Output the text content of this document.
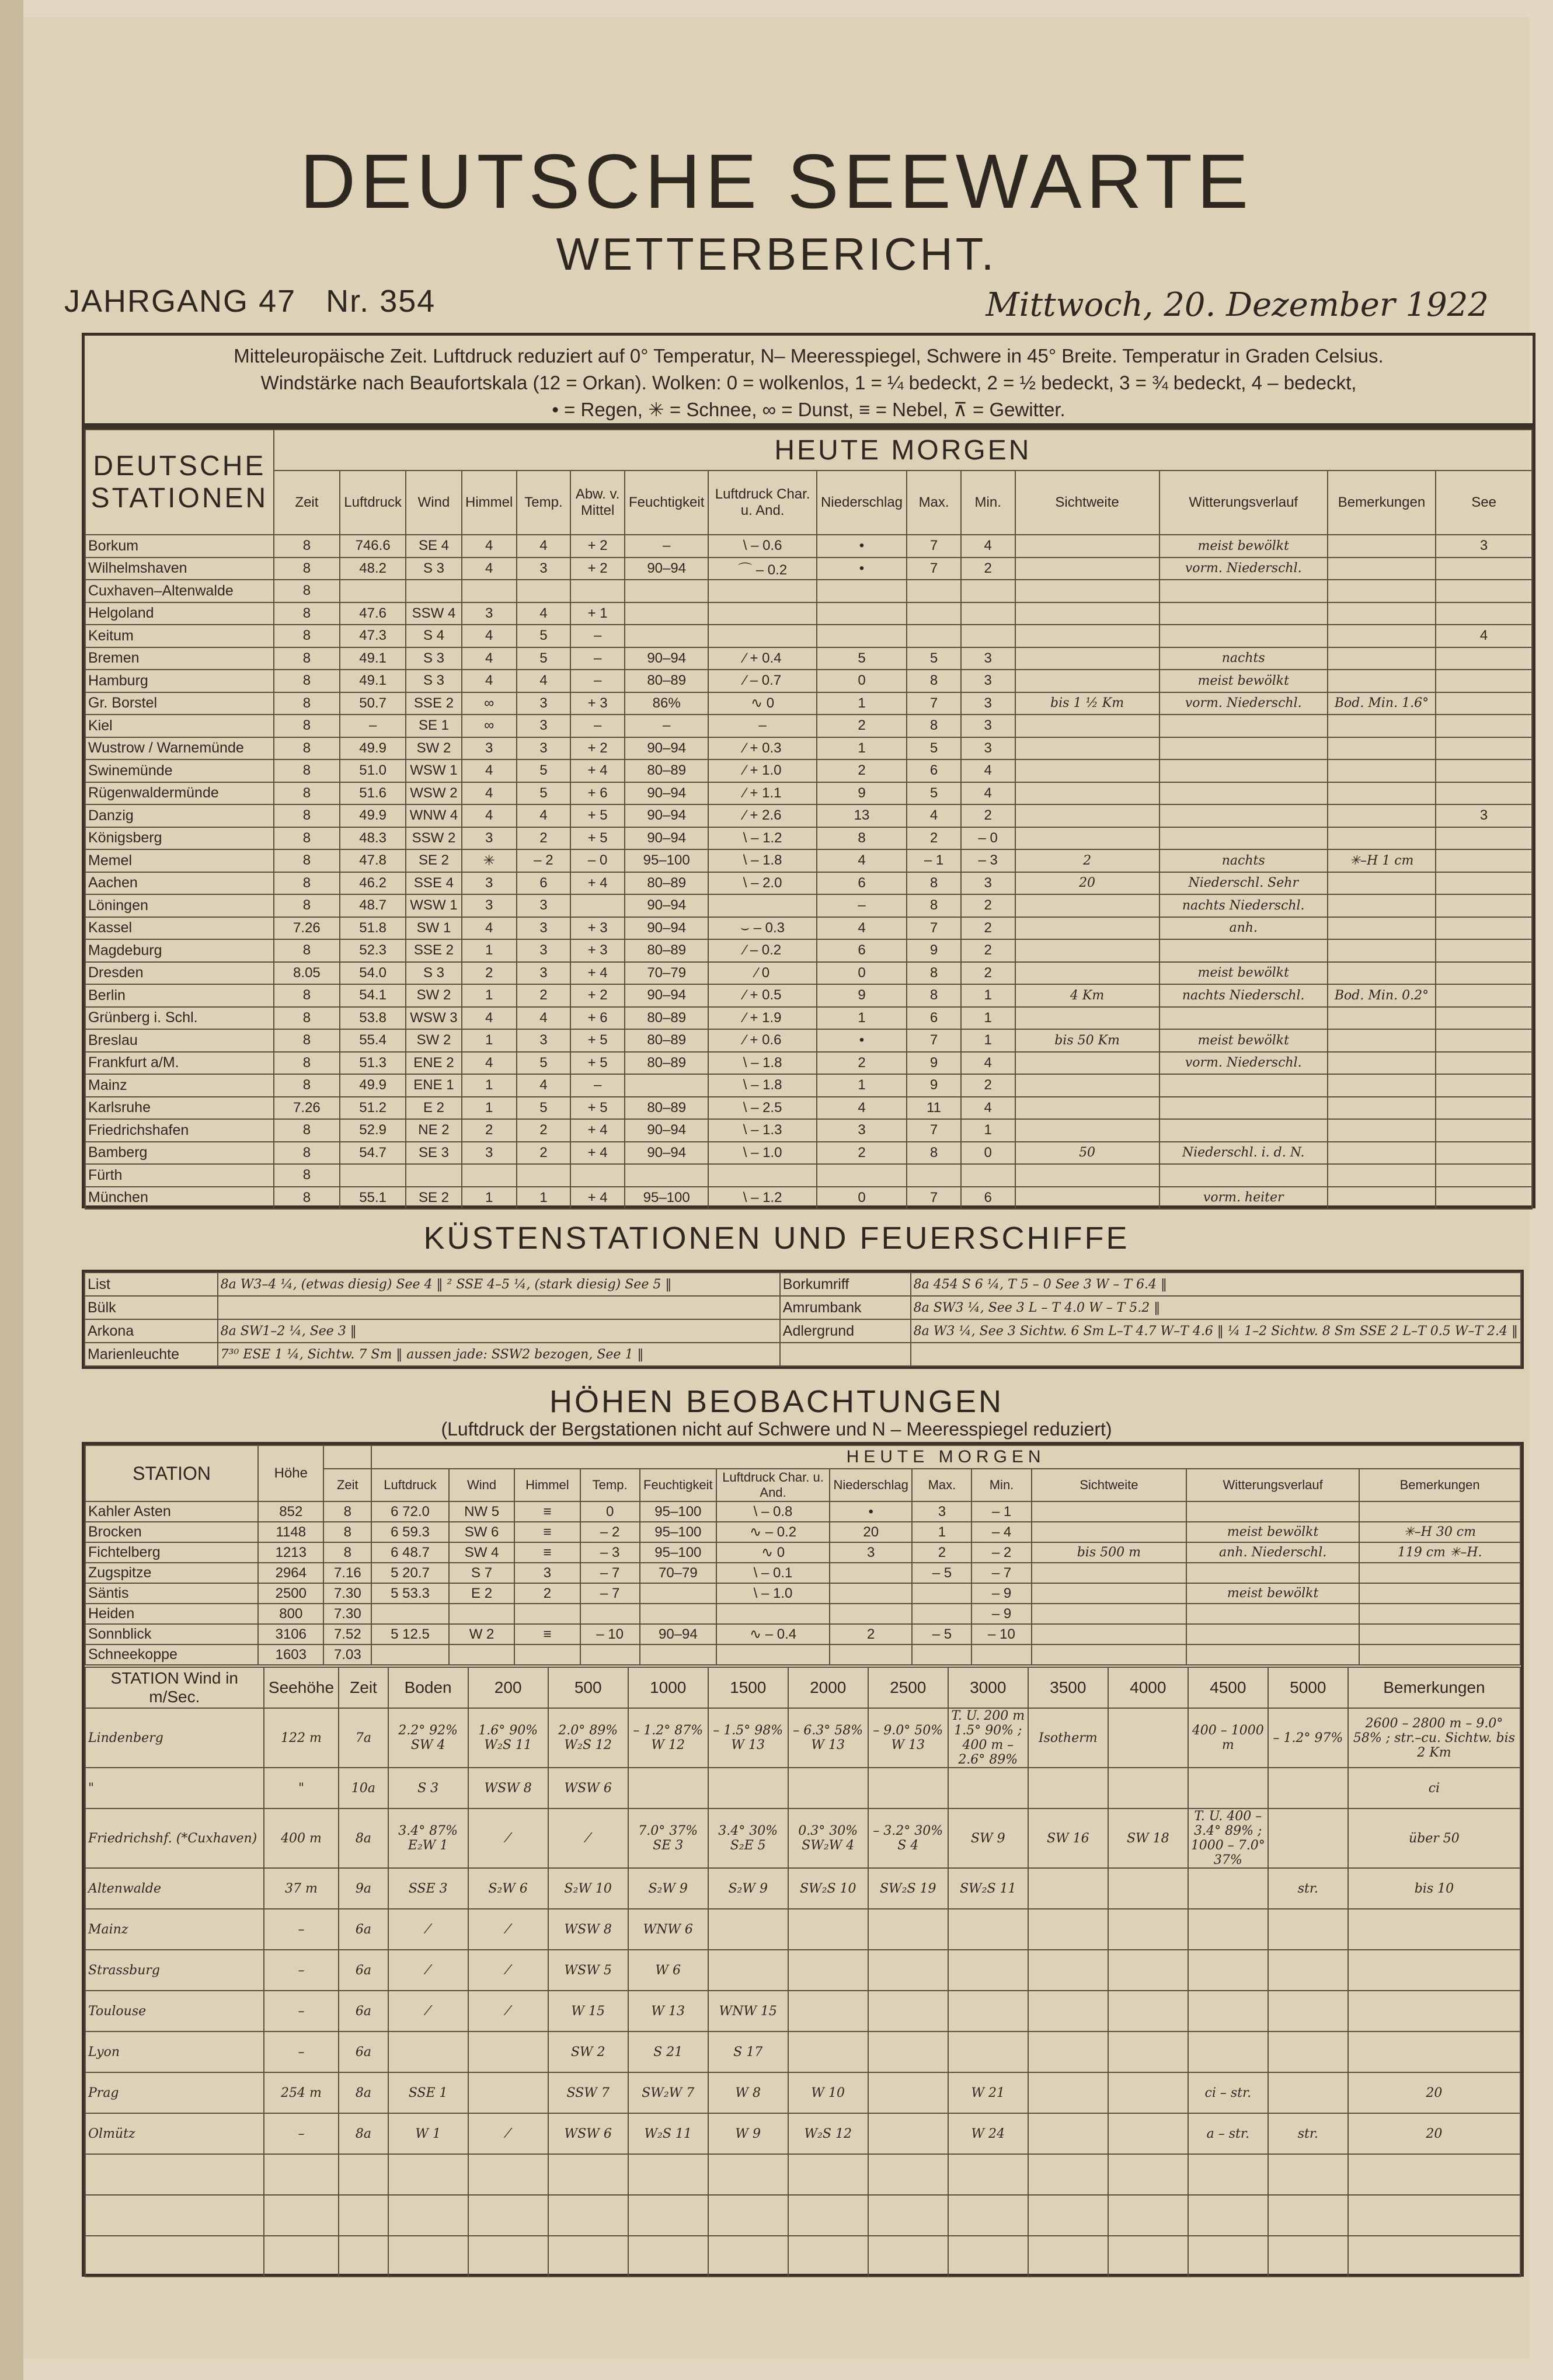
DEUTSCHE SEEWARTE
WETTERBERICHT.
JAHRGANG 47 Nr. 354	Mittwoch, 20. Dezember 1922
Mitteleuropäische Zeit. Luftdruck reduziert auf 0° Temperatur, N– Meeresspiegel, Schwere in 45° Breite. Temperatur in Graden Celsius.
Windstärke nach Beaufortskala (12 = Orkan). Wolken: 0 = wolkenlos, 1 = ¼ bedeckt, 2 = ½ bedeckt, 3 = ¾ bedeckt, 4 – bedeckt,
• = Regen, ✳ = Schnee, ∞ = Dunst, ≡ = Nebel, ⊼ = Gewitter.
DEUTSCHE STATIONEN	HEUTE MORGEN														
	Zeit	Luftdruck	Wind	Himmel	Temp.	Abw. v. Mittel	Feuchtigkeit	Luftdruck Char. u. And.	Niederschlag	Max.	Min.	Sichtweite	Witterungsverlauf	Bemerkungen	See
Borkum	8	746.6	SE 4	4	4	+ 2	–	\ – 0.6	•	7	4		meist bewölkt		3
Wilhelmshaven	8	48.2	S 3	4	3	+ 2	90–94	⌒ – 0.2	•	7	2		vorm. Niederschl.		
Cuxhaven–Altenwalde	8														
Helgoland	8	47.6	SSW 4	3	4	+ 1									
Keitum	8	47.3	S 4	4	5	–									4
Bremen	8	49.1	S 3	4	5	–	90–94	⁄ + 0.4	5	5	3		nachts		
Hamburg	8	49.1	S 3	4	4	–	80–89	⁄ – 0.7	0	8	3		meist bewölkt		
Gr. Borstel	8	50.7	SSE 2	∞	3	+ 3	86%	∿ 0	1	7	3	bis 1 ½ Km	vorm. Niederschl.	Bod. Min. 1.6°	
Kiel	8	–	SE 1	∞	3	–	–	–	2	8	3				
Wustrow / Warnemünde	8	49.9	SW 2	3	3	+ 2	90–94	⁄ + 0.3	1	5	3				
Swinemünde	8	51.0	WSW 1	4	5	+ 4	80–89	⁄ + 1.0	2	6	4				
Rügenwaldermünde	8	51.6	WSW 2	4	5	+ 6	90–94	⁄ + 1.1	9	5	4				
Danzig	8	49.9	WNW 4	4	4	+ 5	90–94	⁄ + 2.6	13	4	2				3
Königsberg	8	48.3	SSW 2	3	2	+ 5	90–94	\ – 1.2	8	2	– 0				
Memel	8	47.8	SE 2	✳	– 2	– 0	95–100	\ – 1.8	4	– 1	– 3	2	nachts	✳–H 1 cm	
Aachen	8	46.2	SSE 4	3	6	+ 4	80–89	\ – 2.0	6	8	3	20	Niederschl. Sehr		
Löningen	8	48.7	WSW 1	3	3		90–94		–	8	2		nachts Niederschl.		
Kassel	7.26	51.8	SW 1	4	3	+ 3	90–94	⌣ – 0.3	4	7	2		anh.		
Magdeburg	8	52.3	SSE 2	1	3	+ 3	80–89	⁄ – 0.2	6	9	2				
Dresden	8.05	54.0	S 3	2	3	+ 4	70–79	⁄ 0	0	8	2		meist bewölkt		
Berlin	8	54.1	SW 2	1	2	+ 2	90–94	⁄ + 0.5	9	8	1	4 Km	nachts Niederschl.	Bod. Min. 0.2°	
Grünberg i. Schl.	8	53.8	WSW 3	4	4	+ 6	80–89	⁄ + 1.9	1	6	1				
Breslau	8	55.4	SW 2	1	3	+ 5	80–89	⁄ + 0.6	•	7	1	bis 50 Km	meist bewölkt		
Frankfurt a/M.	8	51.3	ENE 2	4	5	+ 5	80–89	\ – 1.8	2	9	4		vorm. Niederschl.		
Mainz	8	49.9	ENE 1	1	4	–		\ – 1.8	1	9	2				
Karlsruhe	7.26	51.2	E 2	1	5	+ 5	80–89	\ – 2.5	4	11	4				
Friedrichshafen	8	52.9	NE 2	2	2	+ 4	90–94	\ – 1.3	3	7	1				
Bamberg	8	54.7	SE 3	3	2	+ 4	90–94	\ – 1.0	2	8	0	50	Niederschl. i. d. N.		
Fürth	8														
München	8	55.1	SE 2	1	1	+ 4	95–100	\ – 1.2	0	7	6		vorm. heiter		
KÜSTENSTATIONEN UND FEUERSCHIFFE
List	8a W3–4 ¼, (etwas diesig) See 4 ‖ ² SSE 4–5 ¼, (stark diesig) See 5 ‖	Borkumriff	8a 454 S 6 ¼, T 5 – 0 See 3 W – T 6.4 ‖
Bülk		Amrumbank	8a SW3 ¼, See 3 L – T 4.0 W – T 5.2 ‖
Arkona	8a SW1–2 ¼, See 3 ‖	Adlergrund	8a W3 ¼, See 3 Sichtw. 6 Sm L–T 4.7 W–T 4.6 ‖ ¼ 1–2 Sichtw. 8 Sm SSE 2 L–T 0.5 W–T 2.4 ‖
Marienleuchte	7³⁰ ESE 1 ¼, Sichtw. 7 Sm ‖ aussen jade: SSW2 bezogen, See 1 ‖		
HÖHEN BEOBACHTUNGEN
(Luftdruck der Bergstationen nicht auf Schwere und N – Meeresspiegel reduziert)
STATION	Höhe		HEUTE MORGEN											
		Zeit	Luftdruck	Wind	Himmel	Temp.	Feuchtigkeit	Luftdruck Char. u. And.	Niederschlag	Max.	Min.	Sichtweite	Witterungsverlauf	Bemerkungen
Kahler Asten	852	8	6 72.0	NW 5	≡	0	95–100	\ – 0.8	•	3	– 1			
Brocken	1148	8	6 59.3	SW 6	≡	– 2	95–100	∿ – 0.2	20	1	– 4		meist bewölkt	✳–H 30 cm
Fichtelberg	1213	8	6 48.7	SW 4	≡	– 3	95–100	∿ 0	3	2	– 2	bis 500 m	anh. Niederschl.	119 cm ✳–H.
Zugspitze	2964	7.16	5 20.7	S 7	3	– 7	70–79	\ – 0.1		– 5	– 7			
Säntis	2500	7.30	5 53.3	E 2	2	– 7		\ – 1.0			– 9		meist bewölkt	
Heiden	800	7.30									– 9			
Sonnblick	3106	7.52	5 12.5	W 2	≡	– 10	90–94	∿ – 0.4	2	– 5	– 10			
Schneekoppe	1603	7.03												
STATION Wind in m/Sec.	Seehöhe	Zeit	Boden	200	500	1000	1500	2000	2500	3000	3500	4000	4500	5000	Bemerkungen
Lindenberg	122 m	7a	2.2° 92% SW 4	1.6° 90% W₂S 11	2.0° 89% W₂S 12	– 1.2° 87% W 12	– 1.5° 98% W 13	– 6.3° 58% W 13	– 9.0° 50% W 13	T. U. 200 m 1.5° 90% ; 400 m – 2.6° 89%	Isotherm		400 – 1000 m	– 1.2° 97%	2600 – 2800 m – 9.0° 58% ; str.–cu. Sichtw. bis 2 Km
"	"	10a	S 3	WSW 8	WSW 6										ci
Friedrichshf. (*Cuxhaven)	400 m	8a	3.4° 87% E₂W 1	⁄	⁄	7.0° 37% SE 3	3.4° 30% S₂E 5	0.3° 30% SW₂W 4	– 3.2° 30% S 4	SW 9	SW 16	SW 18	T. U. 400 – 3.4° 89% ; 1000 – 7.0° 37%		über 50
Altenwalde	37 m	9a	SSE 3	S₂W 6	S₂W 10	S₂W 9	S₂W 9	SW₂S 10	SW₂S 19	SW₂S 11				str.	bis 10
Mainz	–	6a	⁄	⁄	WSW 8	WNW 6									
Strassburg	–	6a	⁄	⁄	WSW 5	W 6									
Toulouse	–	6a	⁄	⁄	W 15	W 13	WNW 15								
Lyon	–	6a			SW 2	S 21	S 17								
Prag	254 m	8a	SSE 1		SSW 7	SW₂W 7	W 8	W 10		W 21			ci – str.		20
Olmütz	–	8a	W 1	⁄	WSW 6	W₂S 11	W 9	W₂S 12		W 24			a – str.	str.	20
